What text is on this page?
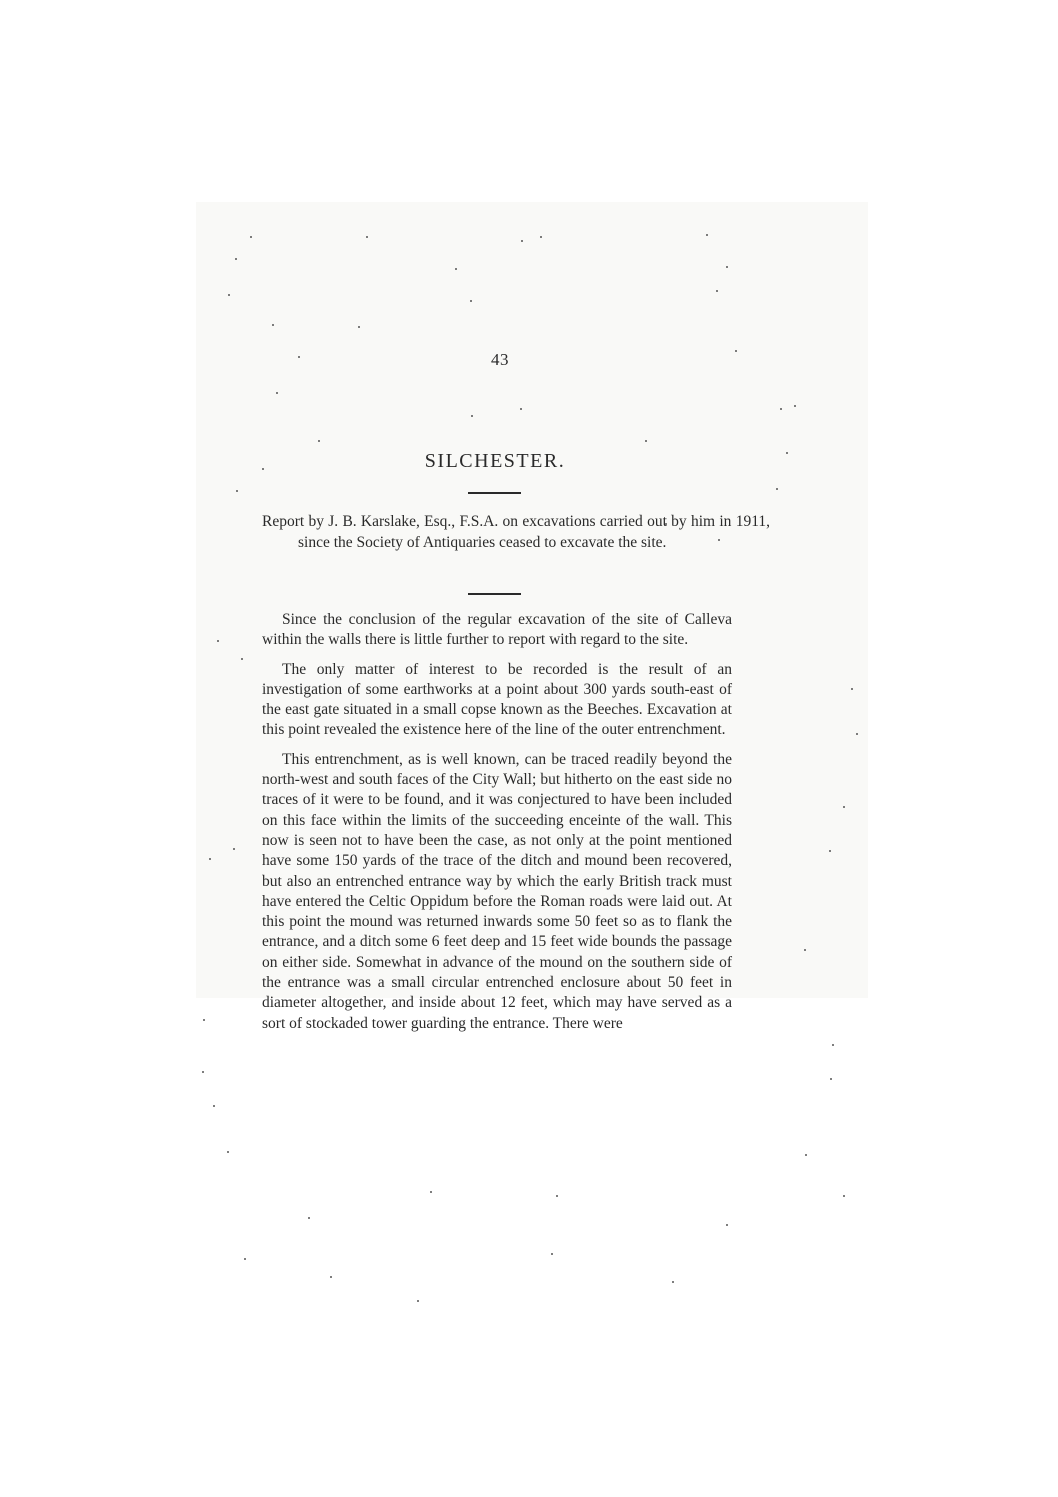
43
SILCHESTER.
Report by J. B. Karslake, Esq., F.S.A. on excavations carried out by him in 1911, since the Society of Antiquaries ceased to excavate the site.

Since the conclusion of the regular excavation of the site of Calleva within the walls there is little further to report with regard to the site.

The only matter of interest to be recorded is the result of an investigation of some earthworks at a point about 300 yards south-east of the east gate situated in a small copse known as the Beeches. Excavation at this point revealed the existence here of the line of the outer entrenchment.

This entrenchment, as is well known, can be traced readily beyond the north-west and south faces of the City Wall; but hitherto on the east side no traces of it were to be found, and it was conjectured to have been included on this face within the limits of the succeeding enceinte of the wall. This now is seen not to have been the case, as not only at the point mentioned have some 150 yards of the trace of the ditch and mound been recovered, but also an entrenched entrance way by which the early British track must have entered the Celtic Oppidum before the Roman roads were laid out. At this point the mound was returned inwards some 50 feet so as to flank the entrance, and a ditch some 6 feet deep and 15 feet wide bounds the passage on either side. Somewhat in advance of the mound on the southern side of the entrance was a small circular entrenched enclosure about 50 feet in diameter altogether, and inside about 12 feet, which may have served as a sort of stockaded tower guarding the entrance. There were
